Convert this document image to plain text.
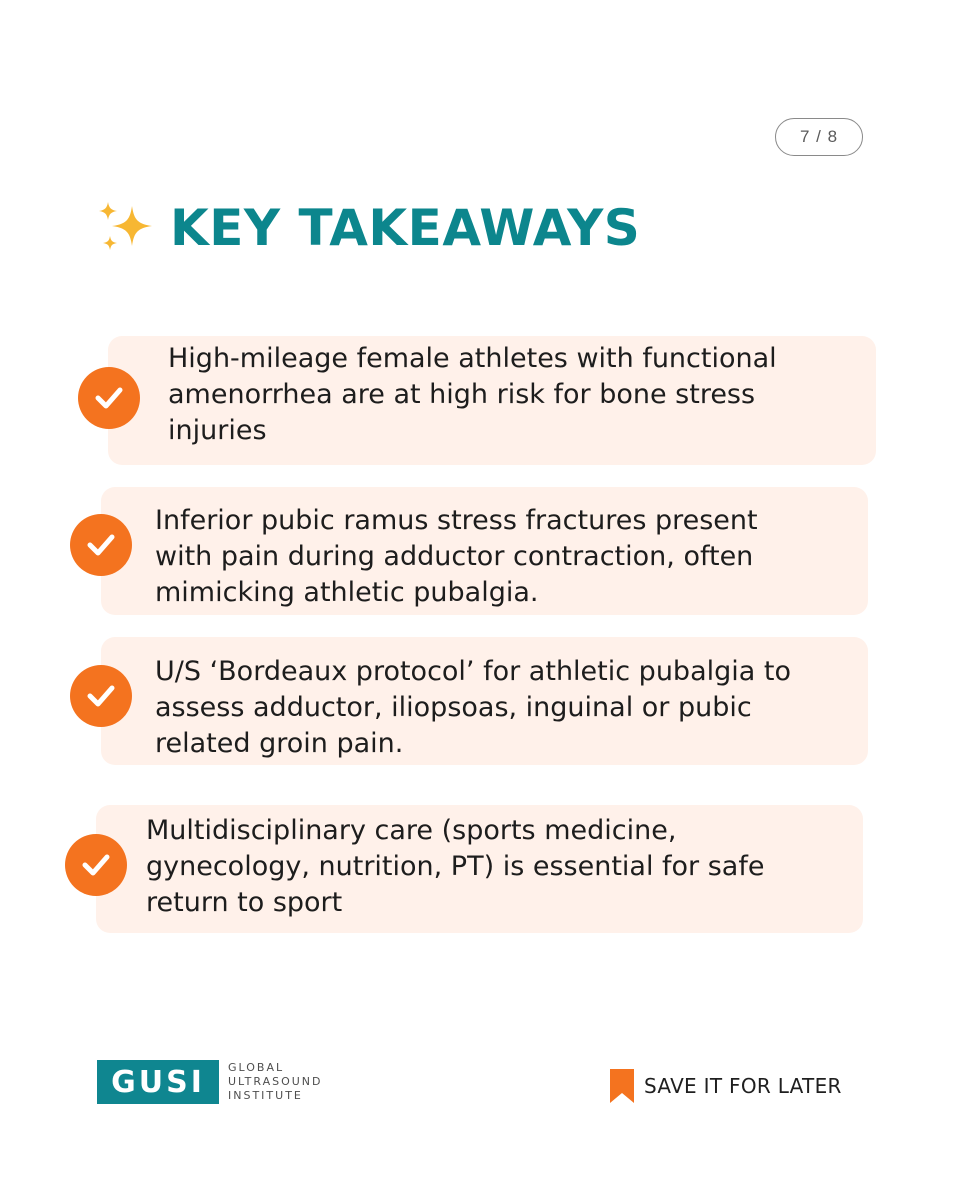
7 / 8
KEY TAKEAWAYS
High-mileage female athletes with functional
amenorrhea are at high risk for bone stress
injuries
Inferior pubic ramus stress fractures present
with pain during adductor contraction, often
mimicking athletic pubalgia.
U/S ‘Bordeaux protocol’ for athletic pubalgia to
assess adductor, iliopsoas, inguinal or pubic
related groin pain.
Multidisciplinary care (sports medicine,
gynecology, nutrition, PT) is essential for safe
return to sport
GUSI	GLOBAL
ULTRASOUND
INSTITUTE	SAVE IT FOR LATER
